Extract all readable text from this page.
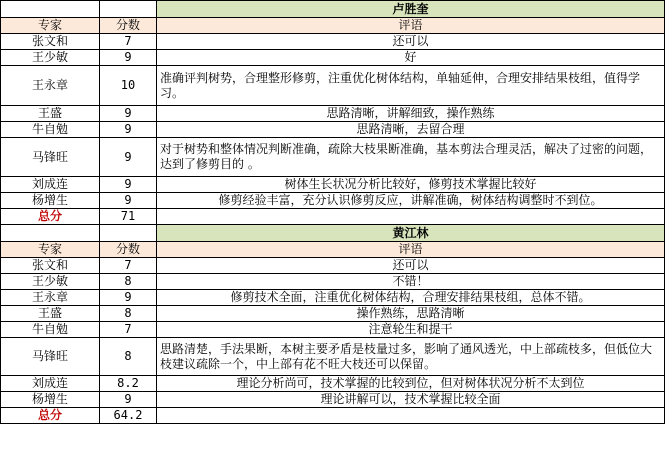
		卢胜奎
专家	分数	评语
张文和	7	还可以
王少敏	9	好
王永章	10	准确评判树势，合理整形修剪，注重优化树体结构，单轴延伸，合理安排结果枝组，值得学习。
王盛	9	思路清晰，讲解细致，操作熟练
牛自勉	9	思路清晰，去留合理
马锋旺	9	对于树势和整体情况判断准确，疏除大枝果断准确，基本剪法合理灵活，解决了过密的问题，达到了修剪目的 。
刘成连	9	树体生长状况分析比较好，修剪技术掌握比较好
杨增生	9	修剪经验丰富，充分认识修剪反应，讲解准确，树体结构调整时不到位。
总分	71	
		黄江林
专家	分数	评语
张文和	7	还可以
王少敏	8	不错！
王永章	9	修剪技术全面，注重优化树体结构，合理安排结果枝组，总体不错。
王盛	8	操作熟练，思路清晰
牛自勉	7	注意轮生和提干
马锋旺	8	思路清楚，手法果断，本树主要矛盾是枝量过多，影响了通风透光，中上部疏枝多，但低位大枝建议疏除一个，中上部有花不旺大枝还可以保留。
刘成连	8.2	理论分析尚可，技术掌握的比较到位，但对树体状况分析不太到位
杨增生	9	理论讲解可以，技术掌握比较全面
总分	64.2	
